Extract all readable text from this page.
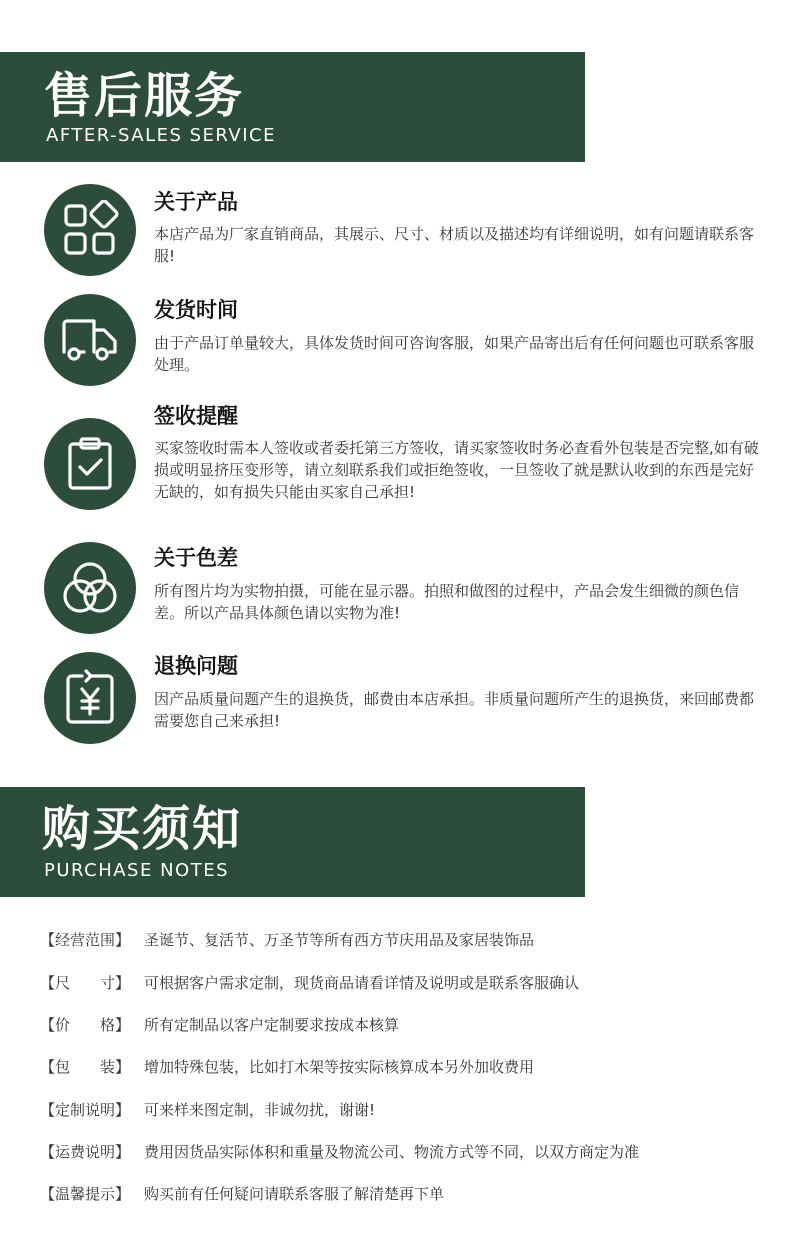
售后服务
AFTER-SALES SERVICE
关于产品
本店产品为厂家直销商品，其展示、尺寸、材质以及描述均有详细说明，如有问题请联系客服!
发货时间
由于产品订单量较大，具体发货时间可咨询客服，如果产品寄出后有任何问题也可联系客服处理。
签收提醒
买家签收时需本人签收或者委托第三方签收，请买家签收时务必查看外包装是否完整,如有破损或明显挤压变形等，请立刻联系我们或拒绝签收，一旦签收了就是默认收到的东西是完好无缺的，如有损失只能由买家自己承担!
关于色差
所有图片均为实物拍摄，可能在显示器。拍照和做图的过程中，产品会发生细微的颜色信差。所以产品具体颜色请以实物为准!
退换问题
因产品质量问题产生的退换货，邮费由本店承担。非质量问题所产生的退换货，来回邮费都需要您自己来承担!
购买须知
PURCHASE NOTES
【经营范围】 圣诞节、复活节、万圣节等所有西方节庆用品及家居装饰品
【尺　　寸】 可根据客户需求定制，现货商品请看详情及说明或是联系客服确认
【价　　格】 所有定制品以客户定制要求按成本核算
【包　　装】 增加特殊包装，比如打木架等按实际核算成本另外加收费用
【定制说明】 可来样来图定制，非诚勿扰，谢谢!
【运费说明】 费用因货品实际体积和重量及物流公司、物流方式等不同，以双方商定为准
【温馨提示】 购买前有任何疑问请联系客服了解清楚再下单
